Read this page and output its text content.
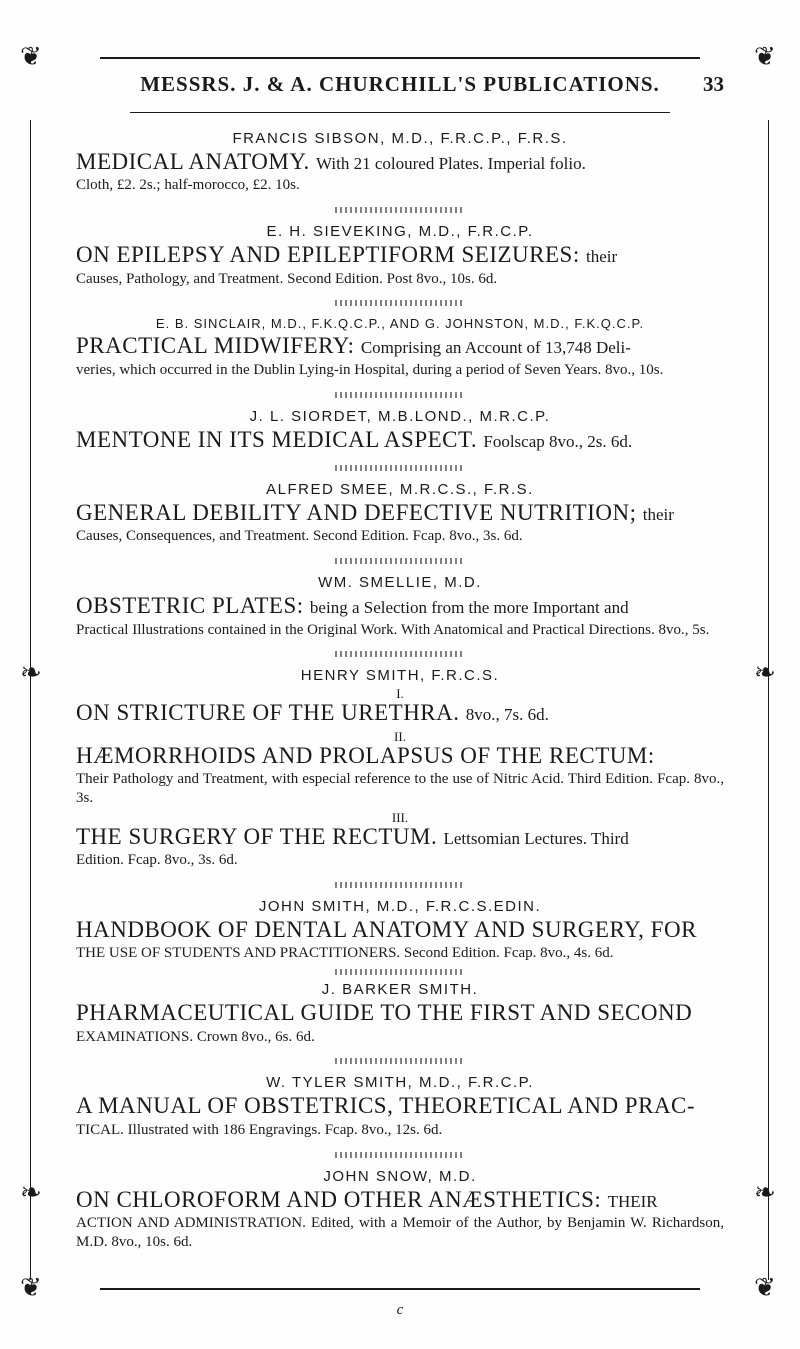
❦	❦
❦	❦
❧	❧
❧	❧
MESSRS. J. & A. CHURCHILL'S PUBLICATIONS.	33

FRANCIS SIBSON, M.D., F.R.C.P., F.R.S.

MEDICAL ANATOMY. With 21 coloured Plates. Imperial folio.

Cloth, £2. 2s.; half-morocco, £2. 10s.

E. H. SIEVEKING, M.D., F.R.C.P.

ON EPILEPSY AND EPILEPTIFORM SEIZURES: their

Causes, Pathology, and Treatment. Second Edition. Post 8vo., 10s. 6d.

E. B. SINCLAIR, M.D., F.K.Q.C.P., AND G. JOHNSTON, M.D., F.K.Q.C.P.

PRACTICAL MIDWIFERY: Comprising an Account of 13,748 Deli-

veries, which occurred in the Dublin Lying-in Hospital, during a period of Seven Years. 8vo., 10s.

J. L. SIORDET, M.B.LOND., M.R.C.P.

MENTONE IN ITS MEDICAL ASPECT. Foolscap 8vo., 2s. 6d.

ALFRED SMEE, M.R.C.S., F.R.S.

GENERAL DEBILITY AND DEFECTIVE NUTRITION; their

Causes, Consequences, and Treatment. Second Edition. Fcap. 8vo., 3s. 6d.

WM. SMELLIE, M.D.

OBSTETRIC PLATES: being a Selection from the more Important and

Practical Illustrations contained in the Original Work. With Anatomical and Practical Directions. 8vo., 5s.

HENRY SMITH, F.R.C.S.

I.

ON STRICTURE OF THE URETHRA. 8vo., 7s. 6d.

II.

HÆMORRHOIDS AND PROLAPSUS OF THE RECTUM:

Their Pathology and Treatment, with especial reference to the use of Nitric Acid. Third Edition. Fcap. 8vo., 3s.

III.

THE SURGERY OF THE RECTUM. Lettsomian Lectures. Third

Edition. Fcap. 8vo., 3s. 6d.

JOHN SMITH, M.D., F.R.C.S.EDIN.

HANDBOOK OF DENTAL ANATOMY AND SURGERY, FOR

THE USE OF STUDENTS AND PRACTITIONERS. Second Edition. Fcap. 8vo., 4s. 6d.

J. BARKER SMITH.

PHARMACEUTICAL GUIDE TO THE FIRST AND SECOND

EXAMINATIONS. Crown 8vo., 6s. 6d.

W. TYLER SMITH, M.D., F.R.C.P.

A MANUAL OF OBSTETRICS, THEORETICAL AND PRAC-

TICAL. Illustrated with 186 Engravings. Fcap. 8vo., 12s. 6d.

JOHN SNOW, M.D.

ON CHLOROFORM AND OTHER ANÆSTHETICS: THEIR

ACTION AND ADMINISTRATION. Edited, with a Memoir of the Author, by Benjamin W. Richardson, M.D. 8vo., 10s. 6d.

c
